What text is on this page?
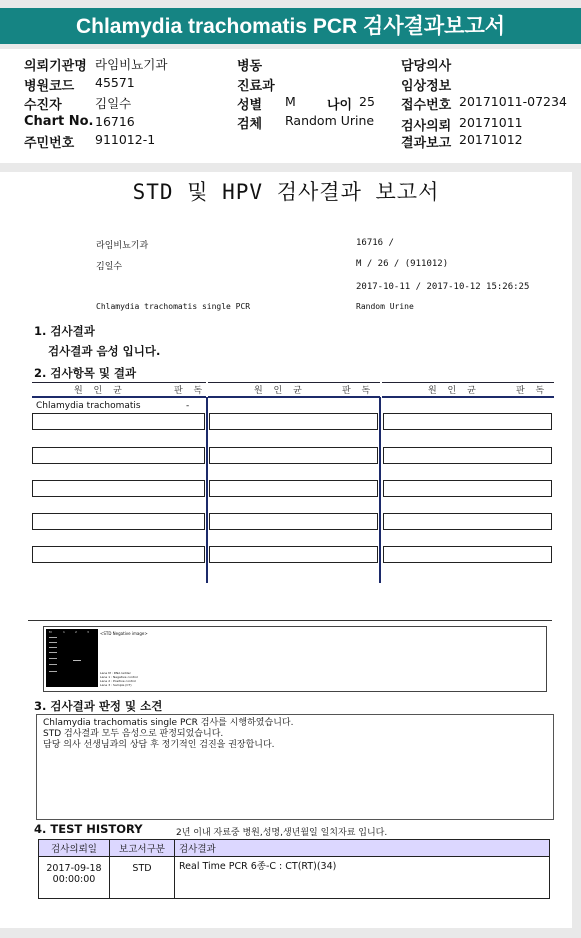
Chlamydia trachomatis PCR 검사결과보고서
의뢰기관명 라임비뇨기과
병원코드 45571
수진자	김일수
Chart No. 16716
주민번호 911012-1
병동
진료과
성별 M 나이 25
검체 Random Urine
담당의사
임상정보
접수번호 20171011-07234
검사의뢰 20171011
결과보고 20171012
STD 및 HPV 검사결과 보고서
라임비뇨기과	16716 /
김일수	M / 26 / (911012)
2017-10-11 / 2017-10-12 15:26:25
Chlamydia trachomatis single PCR	Random Urine
1. 검사결과
검사결과 음성 입니다.
2. 검사항목 및 결과
원 인 균	판 독	원 인 균	판 독	원 인 균	판 독
Chlamydia trachomatis	-
M	1	2	3	<STD Negative image>
Lane M : DNA ladder
Lane 1 : Negative control
Lane 2 : Positive control
Lane 3 : Sample (CT)
3. 검사결과 판정 및 소견
Chlamydia trachomatis single PCR 검사를 시행하였습니다.
STD 검사결과 모두 음성으로 판정되었습니다.
담당 의사 선생님과의 상담 후 정기적인 검진을 권장합니다.
4. TEST HISTORY	2년 이내 자료중 병원,성명,생년월일 일치자료 입니다.
검사의뢰일	보고서구분	검사결과

2017-09-18
00:00:00	STD	Real Time PCR 6종-C : CT(RT)(34)
